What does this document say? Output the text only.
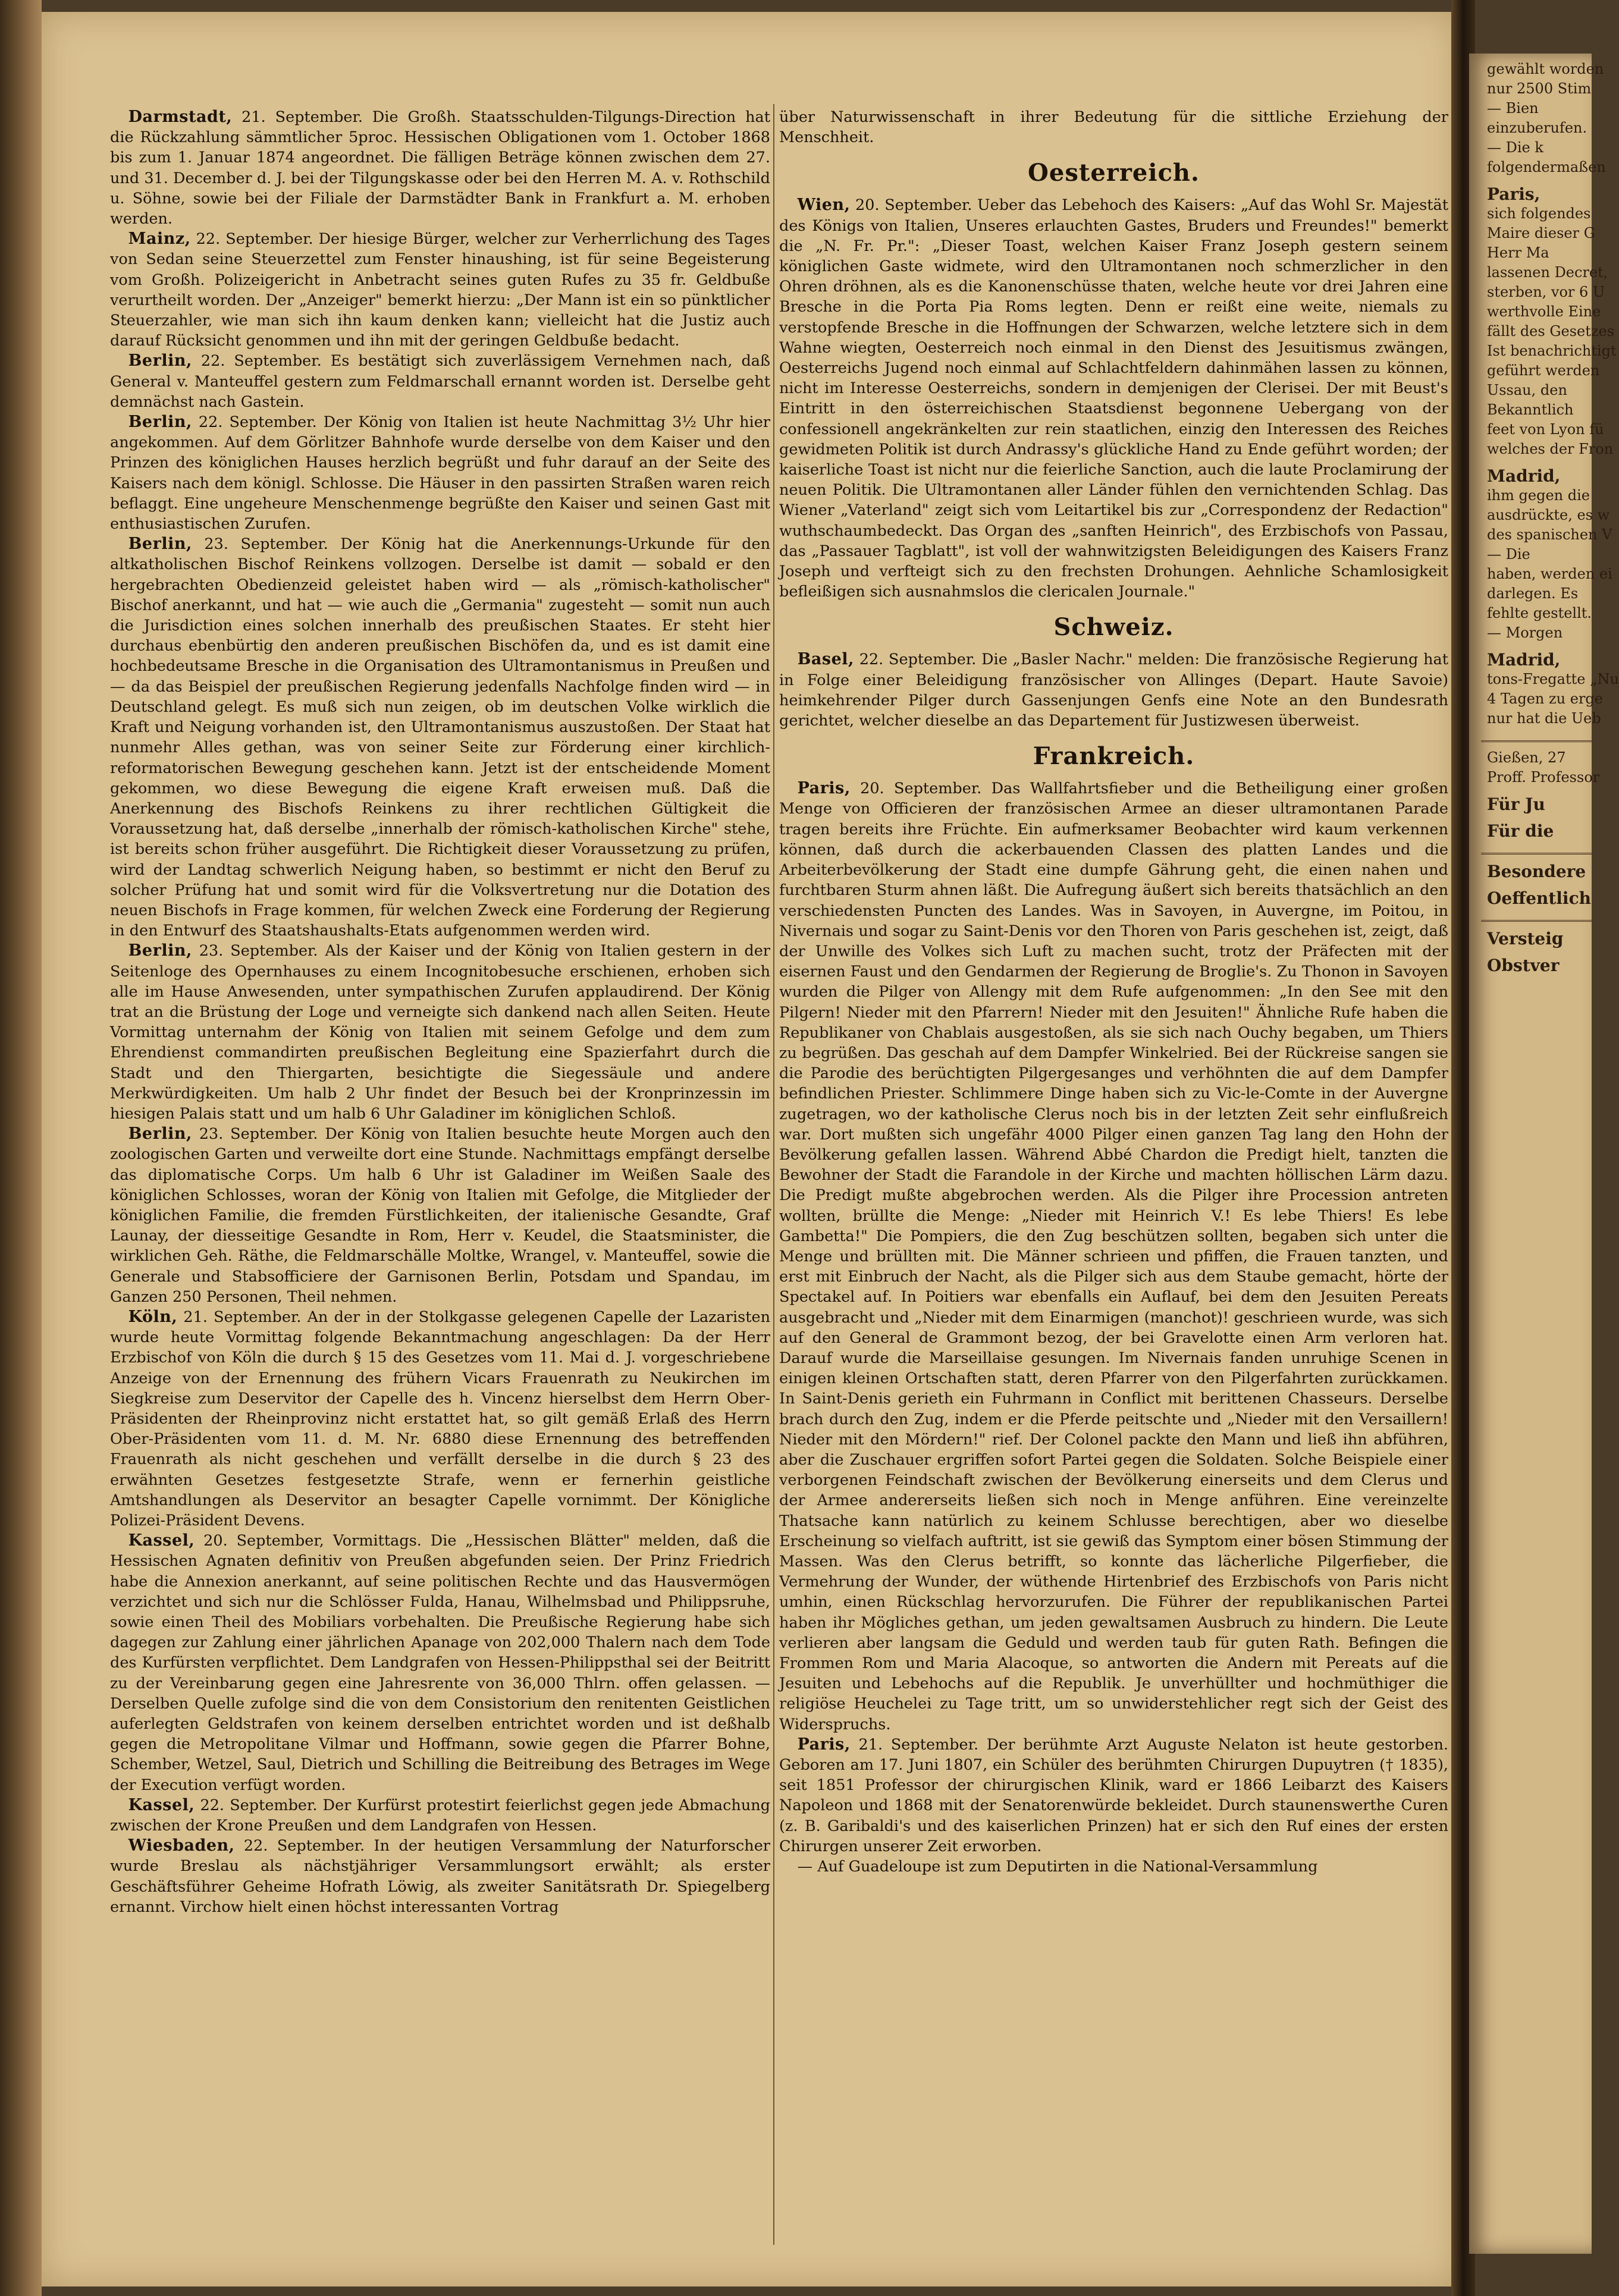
Darmstadt, 21. September. Die Großh. Staatsschulden-Tilgungs-Direction hat die Rückzahlung sämmtlicher 5proc. Hessischen Obligationen vom 1. October 1868 bis zum 1. Januar 1874 angeordnet. Die fälligen Beträge können zwischen dem 27. und 31. December d. J. bei der Tilgungskasse oder bei den Herren M. A. v. Rothschild u. Söhne, sowie bei der Filiale der Darmstädter Bank in Frankfurt a. M. erhoben werden.

Mainz, 22. September. Der hiesige Bürger, welcher zur Verherrlichung des Tages von Sedan seine Steuerzettel zum Fenster hinaushing, ist für seine Begeisterung vom Großh. Polizeigericht in Anbetracht seines guten Rufes zu 35 fr. Geldbuße verurtheilt worden. Der „Anzeiger" bemerkt hierzu: „Der Mann ist ein so pünktlicher Steuerzahler, wie man sich ihn kaum denken kann; vielleicht hat die Justiz auch darauf Rücksicht genommen und ihn mit der geringen Geldbuße bedacht.

Berlin, 22. September. Es bestätigt sich zuverlässigem Vernehmen nach, daß General v. Manteuffel gestern zum Feldmarschall ernannt worden ist. Derselbe geht demnächst nach Gastein.

Berlin, 22. September. Der König von Italien ist heute Nachmittag 3½ Uhr hier angekommen. Auf dem Görlitzer Bahnhofe wurde derselbe von dem Kaiser und den Prinzen des königlichen Hauses herzlich begrüßt und fuhr darauf an der Seite des Kaisers nach dem königl. Schlosse. Die Häuser in den passirten Straßen waren reich beflaggt. Eine ungeheure Menschenmenge begrüßte den Kaiser und seinen Gast mit enthusiastischen Zurufen.

Berlin, 23. September. Der König hat die Anerkennungs-Urkunde für den altkatholischen Bischof Reinkens vollzogen. Derselbe ist damit — sobald er den hergebrachten Obedienzeid geleistet haben wird — als „römisch-katholischer" Bischof anerkannt, und hat — wie auch die „Germania" zugesteht — somit nun auch die Jurisdiction eines solchen innerhalb des preußischen Staates. Er steht hier durchaus ebenbürtig den anderen preußischen Bischöfen da, und es ist damit eine hochbedeutsame Bresche in die Organisation des Ultramontanismus in Preußen und — da das Beispiel der preußischen Regierung jedenfalls Nachfolge finden wird — in Deutschland gelegt. Es muß sich nun zeigen, ob im deutschen Volke wirklich die Kraft und Neigung vorhanden ist, den Ultramontanismus auszustoßen. Der Staat hat nunmehr Alles gethan, was von seiner Seite zur Förderung einer kirchlich-reformatorischen Bewegung geschehen kann. Jetzt ist der entscheidende Moment gekommen, wo diese Bewegung die eigene Kraft erweisen muß. Daß die Anerkennung des Bischofs Reinkens zu ihrer rechtlichen Gültigkeit die Voraussetzung hat, daß derselbe „innerhalb der römisch-katholischen Kirche" stehe, ist bereits schon früher ausgeführt. Die Richtigkeit dieser Voraussetzung zu prüfen, wird der Landtag schwerlich Neigung haben, so bestimmt er nicht den Beruf zu solcher Prüfung hat und somit wird für die Volksvertretung nur die Dotation des neuen Bischofs in Frage kommen, für welchen Zweck eine Forderung der Regierung in den Entwurf des Staatshaushalts-Etats aufgenommen werden wird.

Berlin, 23. September. Als der Kaiser und der König von Italien gestern in der Seitenloge des Opernhauses zu einem Incognitobesuche erschienen, erhoben sich alle im Hause Anwesenden, unter sympathischen Zurufen applaudirend. Der König trat an die Brüstung der Loge und verneigte sich dankend nach allen Seiten. Heute Vormittag unternahm der König von Italien mit seinem Gefolge und dem zum Ehrendienst commandirten preußischen Begleitung eine Spazierfahrt durch die Stadt und den Thiergarten, besichtigte die Siegessäule und andere Merkwürdigkeiten. Um halb 2 Uhr findet der Besuch bei der Kronprinzessin im hiesigen Palais statt und um halb 6 Uhr Galadiner im königlichen Schloß.

Berlin, 23. September. Der König von Italien besuchte heute Morgen auch den zoologischen Garten und verweilte dort eine Stunde. Nachmittags empfängt derselbe das diplomatische Corps. Um halb 6 Uhr ist Galadiner im Weißen Saale des königlichen Schlosses, woran der König von Italien mit Gefolge, die Mitglieder der königlichen Familie, die fremden Fürstlichkeiten, der italienische Gesandte, Graf Launay, der diesseitige Gesandte in Rom, Herr v. Keudel, die Staatsminister, die wirklichen Geh. Räthe, die Feldmarschälle Moltke, Wrangel, v. Manteuffel, sowie die Generale und Stabsofficiere der Garnisonen Berlin, Potsdam und Spandau, im Ganzen 250 Personen, Theil nehmen.

Köln, 21. September. An der in der Stolkgasse gelegenen Capelle der Lazaristen wurde heute Vormittag folgende Bekanntmachung angeschlagen: Da der Herr Erzbischof von Köln die durch § 15 des Gesetzes vom 11. Mai d. J. vorgeschriebene Anzeige von der Ernennung des frühern Vicars Frauenrath zu Neukirchen im Siegkreise zum Deservitor der Capelle des h. Vincenz hierselbst dem Herrn Ober-Präsidenten der Rheinprovinz nicht erstattet hat, so gilt gemäß Erlaß des Herrn Ober-Präsidenten vom 11. d. M. Nr. 6880 diese Ernennung des betreffenden Frauenrath als nicht geschehen und verfällt derselbe in die durch § 23 des erwähnten Gesetzes festgesetzte Strafe, wenn er fernerhin geistliche Amtshandlungen als Deservitor an besagter Capelle vornimmt. Der Königliche Polizei-Präsident Devens.

Kassel, 20. September, Vormittags. Die „Hessischen Blätter" melden, daß die Hessischen Agnaten definitiv von Preußen abgefunden seien. Der Prinz Friedrich habe die Annexion anerkannt, auf seine politischen Rechte und das Hausvermögen verzichtet und sich nur die Schlösser Fulda, Hanau, Wilhelmsbad und Philippsruhe, sowie einen Theil des Mobiliars vorbehalten. Die Preußische Regierung habe sich dagegen zur Zahlung einer jährlichen Apanage von 202,000 Thalern nach dem Tode des Kurfürsten verpflichtet. Dem Landgrafen von Hessen-Philippsthal sei der Beitritt zu der Vereinbarung gegen eine Jahresrente von 36,000 Thlrn. offen gelassen. — Derselben Quelle zufolge sind die von dem Consistorium den renitenten Geistlichen auferlegten Geldstrafen von keinem derselben entrichtet worden und ist deßhalb gegen die Metropolitane Vilmar und Hoffmann, sowie gegen die Pfarrer Bohne, Schember, Wetzel, Saul, Dietrich und Schilling die Beitreibung des Betrages im Wege der Execution verfügt worden.

Kassel, 22. September. Der Kurfürst protestirt feierlichst gegen jede Abmachung zwischen der Krone Preußen und dem Landgrafen von Hessen.

Wiesbaden, 22. September. In der heutigen Versammlung der Naturforscher wurde Breslau als nächstjähriger Versammlungsort erwählt; als erster Geschäftsführer Geheime Hofrath Löwig, als zweiter Sanitätsrath Dr. Spiegelberg ernannt. Virchow hielt einen höchst interessanten Vortrag

über Naturwissenschaft in ihrer Bedeutung für die sittliche Erziehung der Menschheit.

Oesterreich.

Wien, 20. September. Ueber das Lebehoch des Kaisers: „Auf das Wohl Sr. Majestät des Königs von Italien, Unseres erlauchten Gastes, Bruders und Freundes!" bemerkt die „N. Fr. Pr.": „Dieser Toast, welchen Kaiser Franz Joseph gestern seinem königlichen Gaste widmete, wird den Ultramontanen noch schmerzlicher in den Ohren dröhnen, als es die Kanonenschüsse thaten, welche heute vor drei Jahren eine Bresche in die Porta Pia Roms legten. Denn er reißt eine weite, niemals zu verstopfende Bresche in die Hoffnungen der Schwarzen, welche letztere sich in dem Wahne wiegten, Oesterreich noch einmal in den Dienst des Jesuitismus zwängen, Oesterreichs Jugend noch einmal auf Schlachtfeldern dahinmähen lassen zu können, nicht im Interesse Oesterreichs, sondern in demjenigen der Clerisei. Der mit Beust's Eintritt in den österreichischen Staatsdienst begonnene Uebergang von der confessionell angekränkelten zur rein staatlichen, einzig den Interessen des Reiches gewidmeten Politik ist durch Andrassy's glückliche Hand zu Ende geführt worden; der kaiserliche Toast ist nicht nur die feierliche Sanction, auch die laute Proclamirung der neuen Politik. Die Ultramontanen aller Länder fühlen den vernichtenden Schlag. Das Wiener „Vaterland" zeigt sich vom Leitartikel bis zur „Correspondenz der Redaction" wuthschaumbedeckt. Das Organ des „sanften Heinrich", des Erzbischofs von Passau, das „Passauer Tagblatt", ist voll der wahnwitzigsten Beleidigungen des Kaisers Franz Joseph und verfteigt sich zu den frechsten Drohungen. Aehnliche Schamlosigkeit befleißigen sich ausnahmslos die clericalen Journale."

Schweiz.

Basel, 22. September. Die „Basler Nachr." melden: Die französische Regierung hat in Folge einer Beleidigung französischer von Allinges (Depart. Haute Savoie) heimkehrender Pilger durch Gassenjungen Genfs eine Note an den Bundesrath gerichtet, welcher dieselbe an das Departement für Justizwesen überweist.

Frankreich.

Paris, 20. September. Das Wallfahrtsfieber und die Betheiligung einer großen Menge von Officieren der französischen Armee an dieser ultramontanen Parade tragen bereits ihre Früchte. Ein aufmerksamer Beobachter wird kaum verkennen können, daß durch die ackerbauenden Classen des platten Landes und die Arbeiterbevölkerung der Stadt eine dumpfe Gährung geht, die einen nahen und furchtbaren Sturm ahnen läßt. Die Aufregung äußert sich bereits thatsächlich an den verschiedensten Puncten des Landes. Was in Savoyen, in Auvergne, im Poitou, in Nivernais und sogar zu Saint-Denis vor den Thoren von Paris geschehen ist, zeigt, daß der Unwille des Volkes sich Luft zu machen sucht, trotz der Präfecten mit der eisernen Faust und den Gendarmen der Regierung de Broglie's. Zu Thonon in Savoyen wurden die Pilger von Allengy mit dem Rufe aufgenommen: „In den See mit den Pilgern! Nieder mit den Pfarrern! Nieder mit den Jesuiten!" Ähnliche Rufe haben die Republikaner von Chablais ausgestoßen, als sie sich nach Ouchy begaben, um Thiers zu begrüßen. Das geschah auf dem Dampfer Winkelried. Bei der Rückreise sangen sie die Parodie des berüchtigten Pilgergesanges und verhöhnten die auf dem Dampfer befindlichen Priester. Schlimmere Dinge haben sich zu Vic-le-Comte in der Auvergne zugetragen, wo der katholische Clerus noch bis in der letzten Zeit sehr einflußreich war. Dort mußten sich ungefähr 4000 Pilger einen ganzen Tag lang den Hohn der Bevölkerung gefallen lassen. Während Abbé Chardon die Predigt hielt, tanzten die Bewohner der Stadt die Farandole in der Kirche und machten höllischen Lärm dazu. Die Predigt mußte abgebrochen werden. Als die Pilger ihre Procession antreten wollten, brüllte die Menge: „Nieder mit Heinrich V.! Es lebe Thiers! Es lebe Gambetta!" Die Pompiers, die den Zug beschützen sollten, begaben sich unter die Menge und brüllten mit. Die Männer schrieen und pfiffen, die Frauen tanzten, und erst mit Einbruch der Nacht, als die Pilger sich aus dem Staube gemacht, hörte der Spectakel auf. In Poitiers war ebenfalls ein Auflauf, bei dem den Jesuiten Pereats ausgebracht und „Nieder mit dem Einarmigen (manchot)! geschrieen wurde, was sich auf den General de Grammont bezog, der bei Gravelotte einen Arm verloren hat. Darauf wurde die Marseillaise gesungen. Im Nivernais fanden unruhige Scenen in einigen kleinen Ortschaften statt, deren Pfarrer von den Pilgerfahrten zurückkamen. In Saint-Denis gerieth ein Fuhrmann in Conflict mit berittenen Chasseurs. Derselbe brach durch den Zug, indem er die Pferde peitschte und „Nieder mit den Versaillern! Nieder mit den Mördern!" rief. Der Colonel packte den Mann und ließ ihn abführen, aber die Zuschauer ergriffen sofort Partei gegen die Soldaten. Solche Beispiele einer verborgenen Feindschaft zwischen der Bevölkerung einerseits und dem Clerus und der Armee andererseits ließen sich noch in Menge anführen. Eine vereinzelte Thatsache kann natürlich zu keinem Schlusse berechtigen, aber wo dieselbe Erscheinung so vielfach auftritt, ist sie gewiß das Symptom einer bösen Stimmung der Massen. Was den Clerus betrifft, so konnte das lächerliche Pilgerfieber, die Vermehrung der Wunder, der wüthende Hirtenbrief des Erzbischofs von Paris nicht umhin, einen Rückschlag hervorzurufen. Die Führer der republikanischen Partei haben ihr Mögliches gethan, um jeden gewaltsamen Ausbruch zu hindern. Die Leute verlieren aber langsam die Geduld und werden taub für guten Rath. Befingen die Frommen Rom und Maria Alacoque, so antworten die Andern mit Pereats auf die Jesuiten und Lebehochs auf die Republik. Je unverhüllter und hochmüthiger die religiöse Heuchelei zu Tage tritt, um so unwiderstehlicher regt sich der Geist des Widerspruchs.

Paris, 21. September. Der berühmte Arzt Auguste Nelaton ist heute gestorben. Geboren am 17. Juni 1807, ein Schüler des berühmten Chirurgen Dupuytren († 1835), seit 1851 Professor der chirurgischen Klinik, ward er 1866 Leibarzt des Kaisers Napoleon und 1868 mit der Senatorenwürde bekleidet. Durch staunenswerthe Curen (z. B. Garibaldi's und des kaiserlichen Prinzen) hat er sich den Ruf eines der ersten Chirurgen unserer Zeit erworben.

— Auf Guadeloupe ist zum Deputirten in die National-Versammlung

gewählt worden
nur 2500 Stim
— Bien
einzuberufen.
— Die k
folgendermaßen
Paris,
sich folgendes
Maire dieser G
Herr Ma
lassenen Decret,
sterben, vor 6 U
werthvolle Eine
fällt des Gesetzes
Ist benachrichtigt
geführt werden
Ussau, den
Bekanntlich
feet von Lyon fü
welches der Fron
Madrid,
ihm gegen die
ausdrückte, es w
des spanischen V
— Die
haben, werden ei
darlegen. Es
fehlte gestellt.
— Morgen
Madrid,
tons-Fregatte „Nu
4 Tagen zu erge
nur hat die Ueb
Gießen, 27
Proff. Professor
Für Ju
Für die
Besondere
Oeffentlich
Versteig
Obstver
